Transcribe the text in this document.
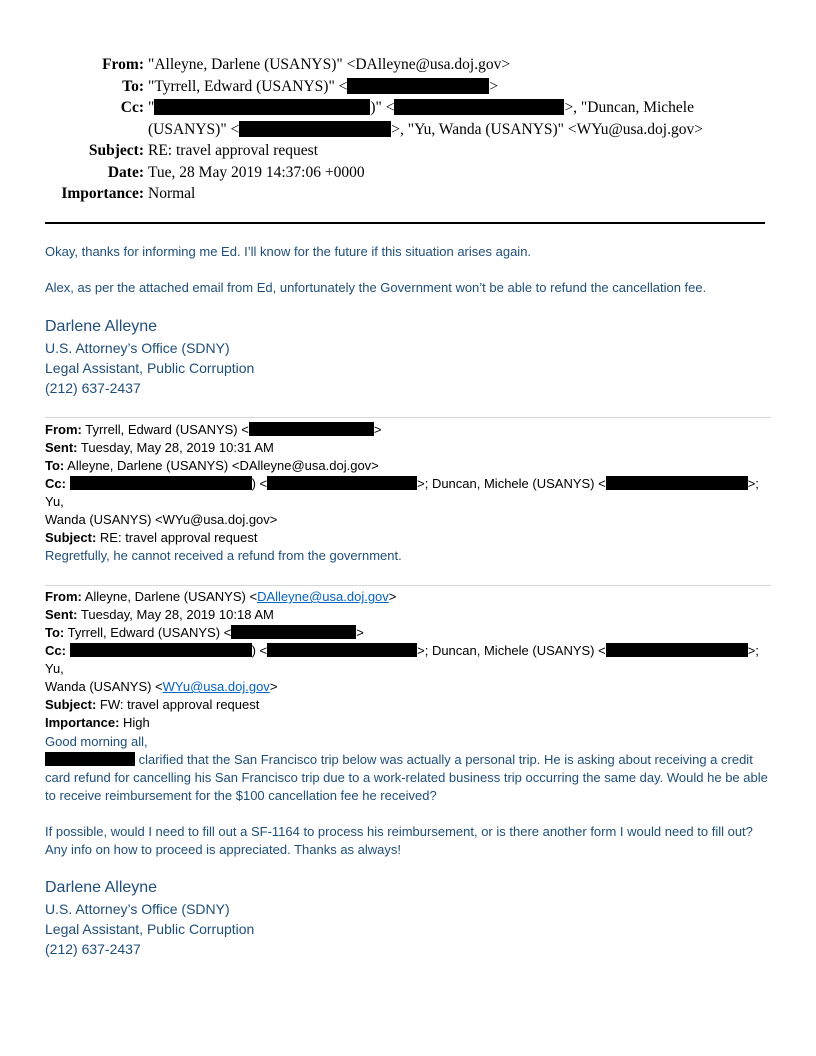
From: "Alleyne, Darlene (USANYS)" <DAlleyne@usa.doj.gov>
To: "Tyrrell, Edward (USANYS)" <	>
Cc: "	)" <	>, "Duncan, Michele
(USANYS)" <	>, "Yu, Wanda (USANYS)" <WYu@usa.doj.gov>
Subject: RE: travel approval request
Date: Tue, 28 May 2019 14:37:06 +0000
Importance: Normal
Okay, thanks for informing me Ed. I’ll know for the future if this situation arises again.
Alex, as per the attached email from Ed, unfortunately the Government won’t be able to refund the cancellation fee.
Darlene Alleyne
U.S. Attorney’s Office (SDNY)
Legal Assistant, Public Corruption
(212) 637-2437
From: Tyrrell, Edward (USANYS) <	>
Sent: Tuesday, May 28, 2019 10:31 AM
To: Alleyne, Darlene (USANYS) <DAlleyne@usa.doj.gov>
Cc:	) <	>; Duncan, Michele (USANYS) <	>; Yu,
Wanda (USANYS) <WYu@usa.doj.gov>
Subject: RE: travel approval request
Regretfully, he cannot received a refund from the government.
From: Alleyne, Darlene (USANYS) <DAlleyne@usa.doj.gov>
Sent: Tuesday, May 28, 2019 10:18 AM
To: Tyrrell, Edward (USANYS) <	>
Cc:	) <	>; Duncan, Michele (USANYS) <	>; Yu,
Wanda (USANYS) <WYu@usa.doj.gov>
Subject: FW: travel approval request
Importance: High
Good morning all,
clarified that the San Francisco trip below was actually a personal trip. He is asking about receiving a credit
card refund for cancelling his San Francisco trip due to a work-related business trip occurring the same day. Would he be able to receive reimbursement for the $100 cancellation fee he received?
If possible, would I need to fill out a SF-1164 to process his reimbursement, or is there another form I would need to fill out? Any info on how to proceed is appreciated. Thanks as always!
Darlene Alleyne
U.S. Attorney’s Office (SDNY)
Legal Assistant, Public Corruption
(212) 637-2437
